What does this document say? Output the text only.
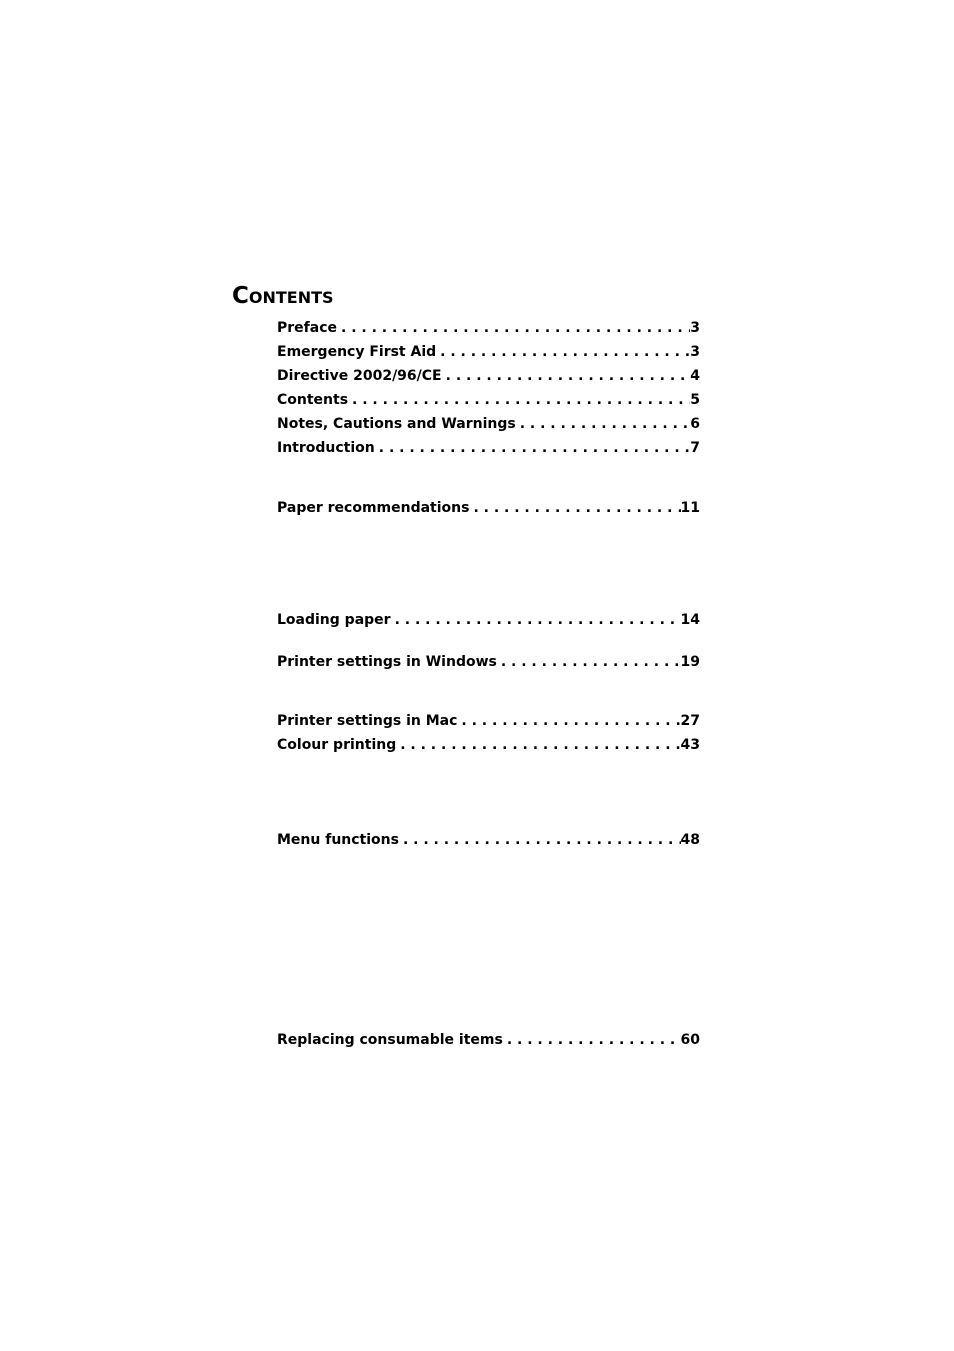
Contents
Preface . . .	3
Emergency First Aid . . .	3
Directive 2002/96/CE . . .	4
Contents . . .	5
Notes, Cautions and Warnings . . .	6
Introduction . . .	7
Paper recommendations . . .	11
Loading paper . . .	14
Printer settings in Windows . . .	19
Printer settings in Mac . . .	27
Colour printing . . .	43
Menu functions . . .	48
Replacing consumable items . . .	60
